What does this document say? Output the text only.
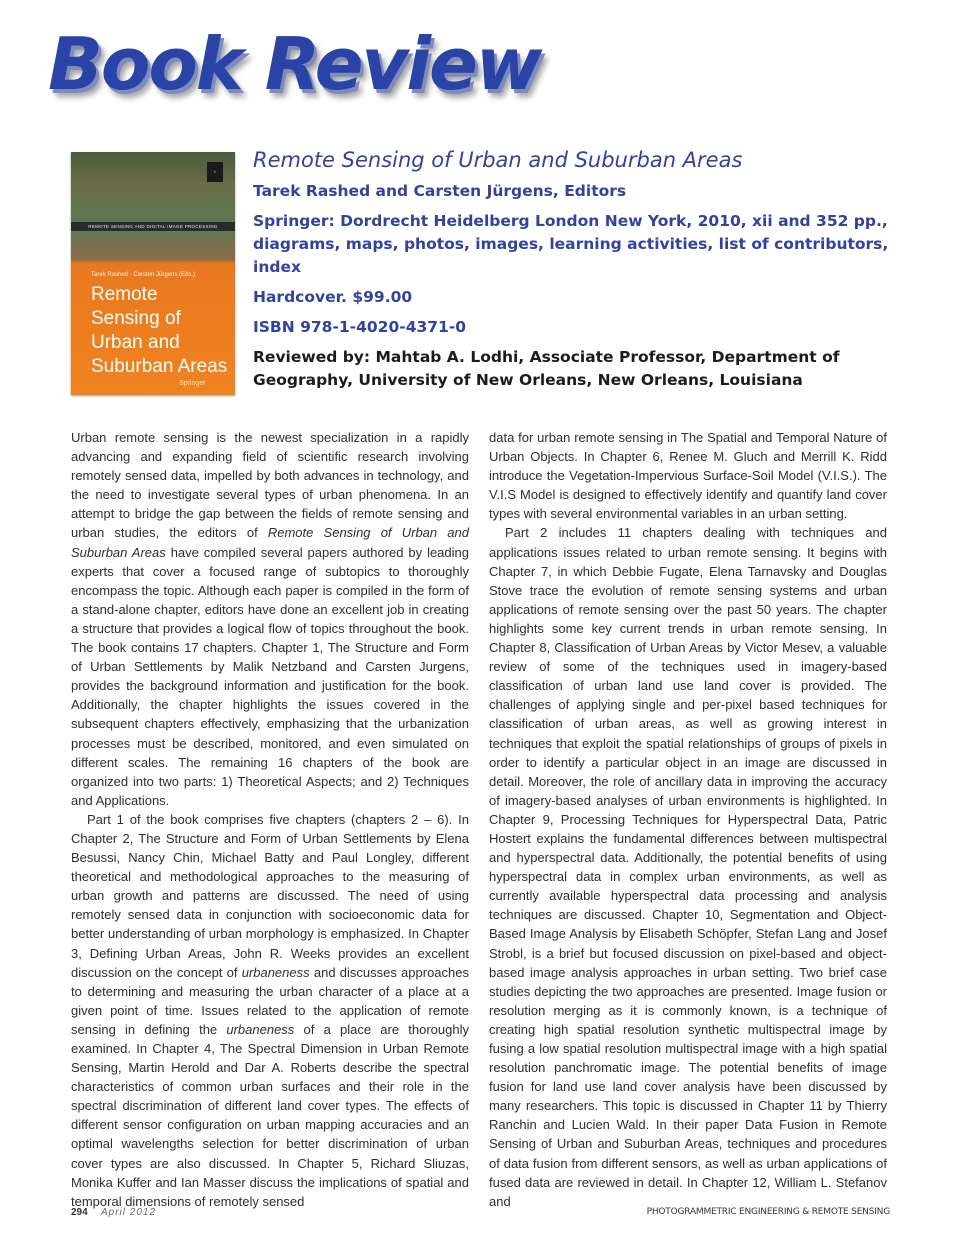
Book Review
▪
REMOTE SENSING AND DIGITAL IMAGE PROCESSING
Tarek Rashed · Carsten Jürgens (Eds.)
Remote Sensing of Urban and Suburban Areas
Springer
Remote Sensing of Urban and Suburban Areas
Tarek Rashed and Carsten Jürgens, Editors
Springer: Dordrecht Heidelberg London New York, 2010, xii and 352 pp., diagrams, maps, photos, images, learning activities, list of contributors, index
Hardcover. $99.00
ISBN 978-1-4020-4371-0
Reviewed by: Mahtab A. Lodhi, Associate Professor, Department of Geography, University of New Orleans, New Orleans, Louisiana

Urban remote sensing is the newest specialization in a rapidly advancing and expanding field of scientific research involving remotely sensed data, impelled by both advances in technology, and the need to investigate several types of urban phenomena. In an attempt to bridge the gap between the fields of remote sensing and urban studies, the editors of Remote Sensing of Urban and Suburban Areas have compiled several papers authored by leading experts that cover a focused range of subtopics to thoroughly encompass the topic. Although each paper is compiled in the form of a stand-alone chapter, editors have done an excellent job in creating a structure that provides a logical flow of topics throughout the book. The book contains 17 chapters. Chapter 1, The Structure and Form of Urban Settlements by Malik Netzband and Carsten Jurgens, provides the background information and justification for the book. Additionally, the chapter highlights the issues covered in the subsequent chapters effectively, emphasizing that the urbanization processes must be described, monitored, and even simulated on different scales. The remaining 16 chapters of the book are organized into two parts: 1) Theoretical Aspects; and 2) Techniques and Applications.

Part 1 of the book comprises five chapters (chapters 2 – 6). In Chapter 2, The Structure and Form of Urban Settlements by Elena Besussi, Nancy Chin, Michael Batty and Paul Longley, different theoretical and methodological approaches to the measuring of urban growth and patterns are discussed. The need of using remotely sensed data in conjunction with socioeconomic data for better understanding of urban morphology is emphasized. In Chapter 3, Defining Urban Areas, John R. Weeks provides an excellent discussion on the concept of urbaneness and discusses approaches to determining and measuring the urban character of a place at a given point of time. Issues related to the application of remote sensing in defining the urbaneness of a place are thoroughly examined. In Chapter 4, The Spectral Dimension in Urban Remote Sensing, Martin Herold and Dar A. Roberts describe the spectral characteristics of common urban surfaces and their role in the spectral discrimination of different land cover types. The effects of different sensor configuration on urban mapping accuracies and an optimal wavelengths selection for better discrimination of urban cover types are also discussed. In Chapter 5, Richard Sliuzas, Monika Kuffer and Ian Masser discuss the implications of spatial and temporal dimensions of remotely sensed

data for urban remote sensing in The Spatial and Temporal Nature of Urban Objects. In Chapter 6, Renee M. Gluch and Merrill K. Ridd introduce the Vegetation-Impervious Surface-Soil Model (V.I.S.). The V.I.S Model is designed to effectively identify and quantify land cover types with several environmental variables in an urban setting.

Part 2 includes 11 chapters dealing with techniques and applications issues related to urban remote sensing. It begins with Chapter 7, in which Debbie Fugate, Elena Tarnavsky and Douglas Stove trace the evolution of remote sensing systems and urban applications of remote sensing over the past 50 years. The chapter highlights some key current trends in urban remote sensing. In Chapter 8, Classification of Urban Areas by Victor Mesev, a valuable review of some of the techniques used in imagery-based classification of urban land use land cover is provided. The challenges of applying single and per-pixel based techniques for classification of urban areas, as well as growing interest in techniques that exploit the spatial relationships of groups of pixels in order to identify a particular object in an image are discussed in detail. Moreover, the role of ancillary data in improving the accuracy of imagery-based analyses of urban environments is highlighted. In Chapter 9, Processing Techniques for Hyperspectral Data, Patric Hostert explains the fundamental differences between multispectral and hyperspectral data. Additionally, the potential benefits of using hyperspectral data in complex urban environments, as well as currently available hyperspectral data processing and analysis techniques are discussed. Chapter 10, Segmentation and Object-Based Image Analysis by Elisabeth Schöpfer, Stefan Lang and Josef Strobl, is a brief but focused discussion on pixel-based and object-based image analysis approaches in urban setting. Two brief case studies depicting the two approaches are presented. Image fusion or resolution merging as it is commonly known, is a technique of creating high spatial resolution synthetic multispectral image by fusing a low spatial resolution multispectral image with a high spatial resolution panchromatic image. The potential benefits of image fusion for land use land cover analysis have been discussed by many researchers. This topic is discussed in Chapter 11 by Thierry Ranchin and Lucien Wald. In their paper Data Fusion in Remote Sensing of Urban and Suburban Areas, techniques and procedures of data fusion from different sensors, as well as urban applications of fused data are reviewed in detail. In Chapter 12, William L. Stefanov and

294 April 2012	PHOTOGRAMMETRIC ENGINEERING & REMOTE SENSING
